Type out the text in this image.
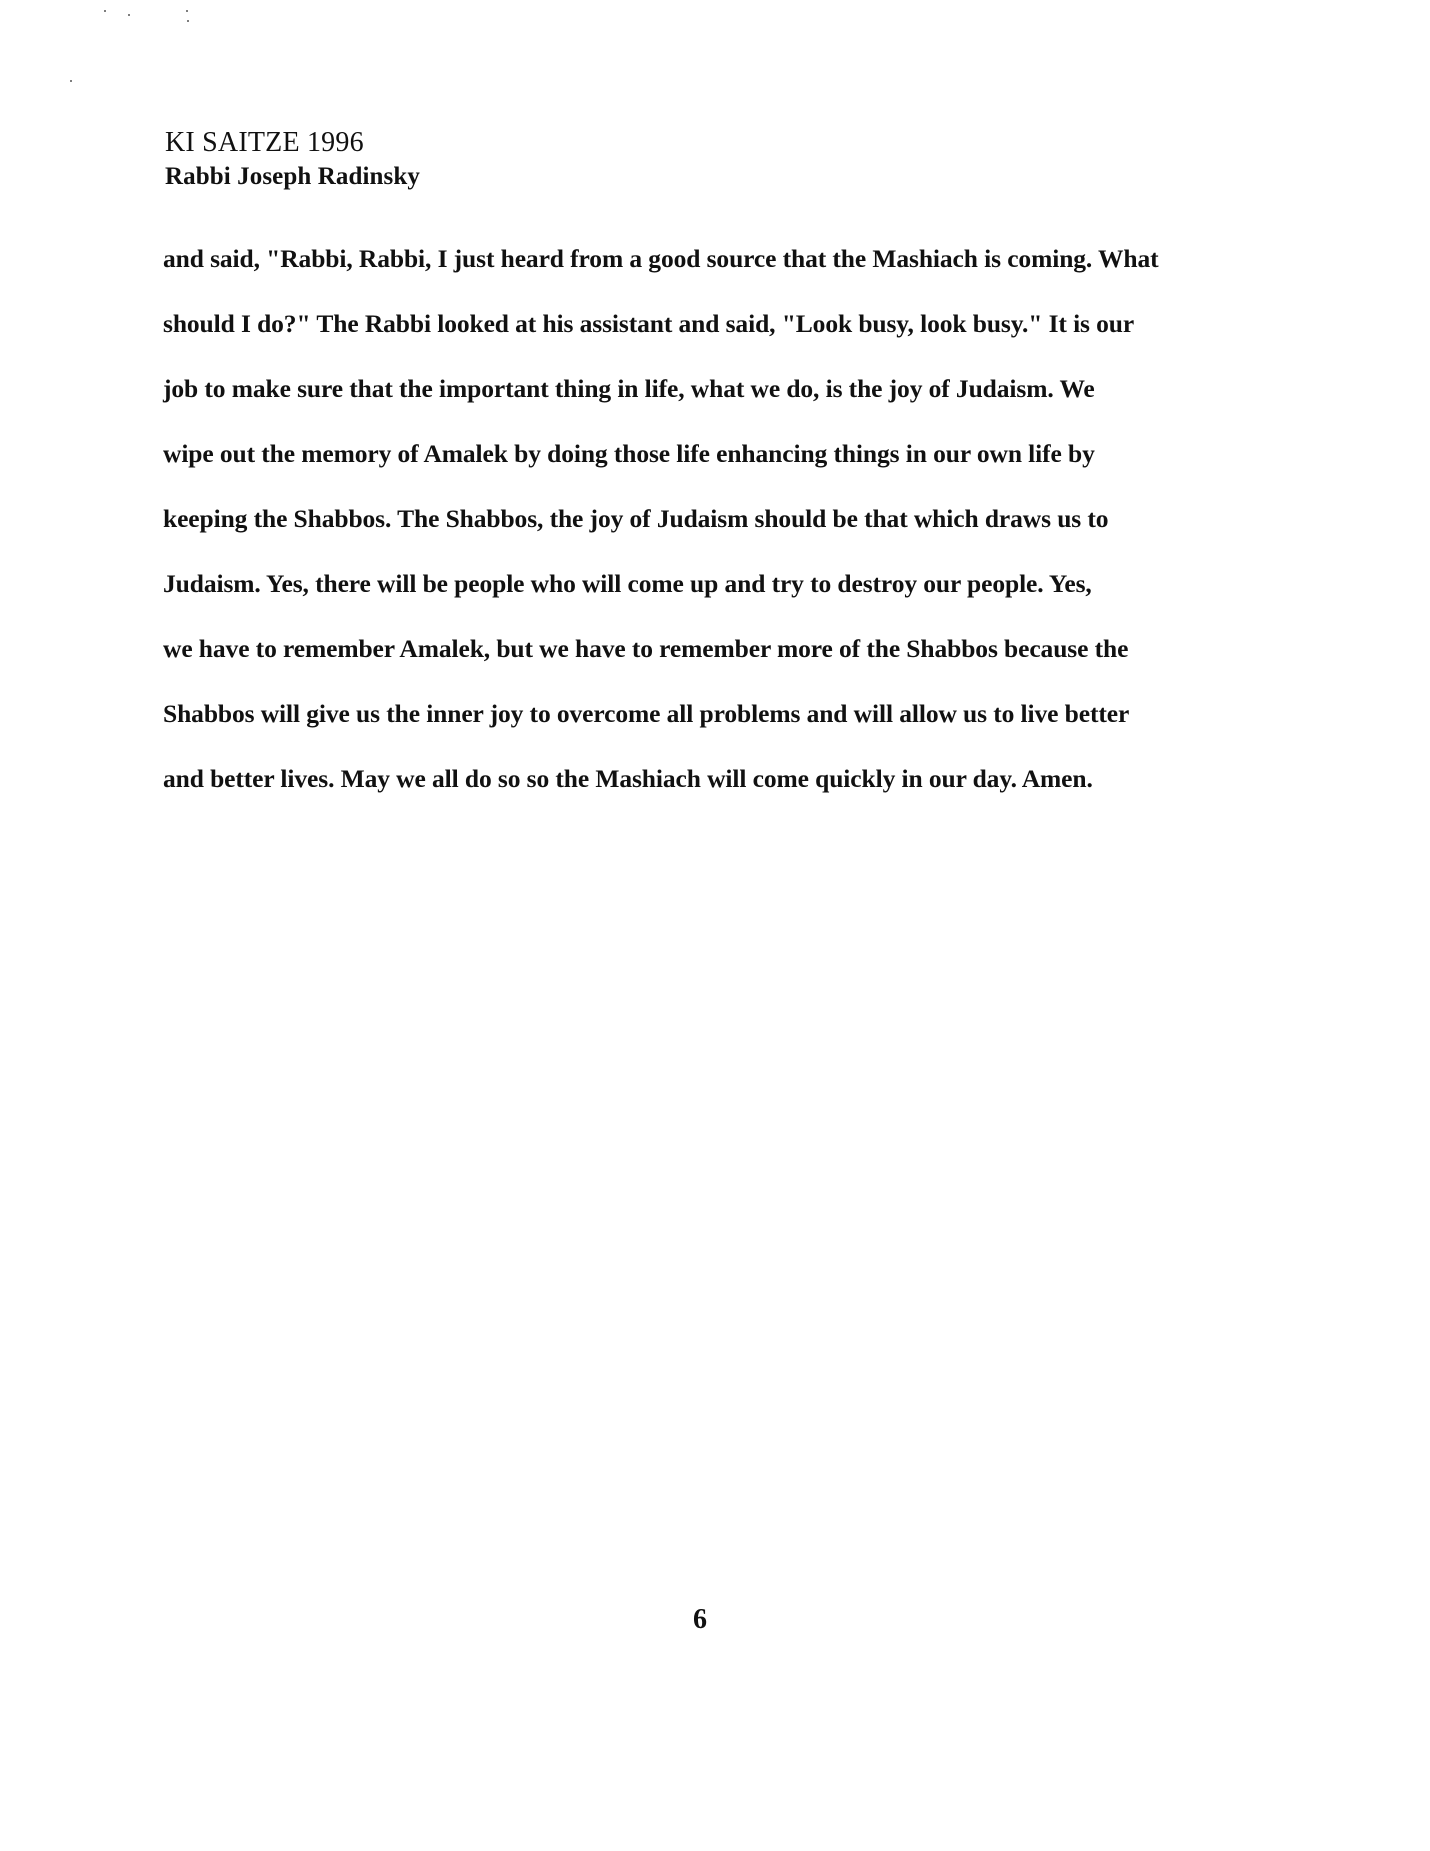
KI SAITZE 1996
Rabbi Joseph Radinsky
and said, "Rabbi, Rabbi, I just heard from a good source that the Mashiach is coming. What
should I do?" The Rabbi looked at his assistant and said, "Look busy, look busy." It is our
job to make sure that the important thing in life, what we do, is the joy of Judaism. We
wipe out the memory of Amalek by doing those life enhancing things in our own life by
keeping the Shabbos. The Shabbos, the joy of Judaism should be that which draws us to
Judaism. Yes, there will be people who will come up and try to destroy our people. Yes,
we have to remember Amalek, but we have to remember more of the Shabbos because the
Shabbos will give us the inner joy to overcome all problems and will allow us to live better
and better lives. May we all do so so the Mashiach will come quickly in our day. Amen.
6
